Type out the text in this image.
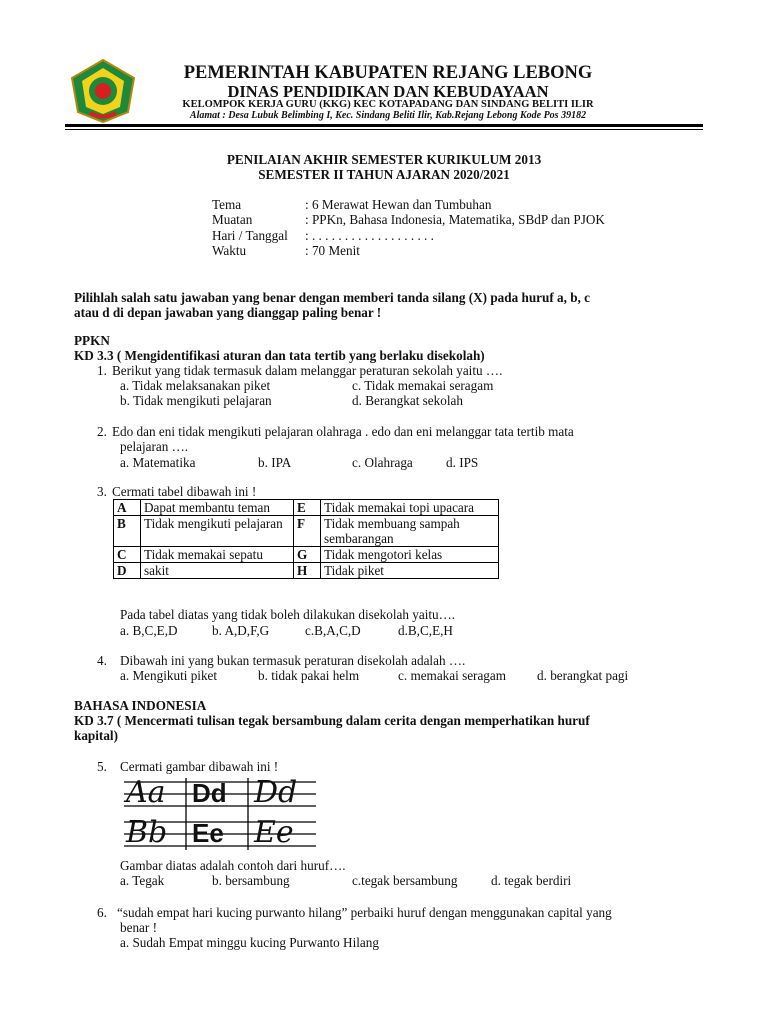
PEMERINTAH KABUPATEN REJANG LEBONG
DINAS PENDIDIKAN DAN KEBUDAYAAN
KELOMPOK KERJA GURU (KKG) KEC KOTAPADANG DAN SINDANG BELITI ILIR
Alamat : Desa Lubuk Belimbing I, Kec. Sindang Beliti Ilir, Kab.Rejang Lebong Kode Pos 39182
PENILAIAN AKHIR SEMESTER KURIKULUM 2013
SEMESTER II TAHUN AJARAN 2020/2021
Tema	: 6 Merawat Hewan dan Tumbuhan
Muatan	: PPKn, Bahasa Indonesia, Matematika, SBdP dan PJOK
Hari / Tanggal : . . . . . . . . . . . . . . . . . . .
Waktu	: 70 Menit
Pilihlah salah satu jawaban yang benar dengan memberi tanda silang (X) pada huruf a, b, c
atau d di depan jawaban yang dianggap paling benar !
PPKN
KD 3.3 ( Mengidentifikasi aturan dan tata tertib yang berlaku disekolah)
1. Berikut yang tidak termasuk dalam melanggar peraturan sekolah yaitu ….
a. Tidak melaksanakan piket	c. Tidak memakai seragam
b. Tidak mengikuti pelajaran	d. Berangkat sekolah
2. Edo dan eni tidak mengikuti pelajaran olahraga . edo dan eni melanggar tata tertib mata
pelajaran ….
a. Matematika	b. IPA	c. Olahraga	d. IPS
3. Cermati tabel dibawah ini !
A	Dapat membantu teman	E	Tidak memakai topi upacara
B	Tidak mengikuti pelajaran	F	Tidak membuang sampah sembarangan
C	Tidak memakai sepatu	G	Tidak mengotori kelas
D	sakit	H	Tidak piket
Pada tabel diatas yang tidak boleh dilakukan disekolah yaitu….
a. B,C,E,D	b. A,D,F,G	c.B,A,C,D	d.B,C,E,H
4. Dibawah ini yang bukan termasuk peraturan disekolah adalah ….
a. Mengikuti piket	b. tidak pakai helm	c. memakai seragam d. berangkat pagi
BAHASA INDONESIA
KD 3.7 ( Mencermati tulisan tegak bersambung dalam cerita dengan memperhatikan huruf
kapital)
5. Cermati gambar dibawah ini !
Aa Dd Dd
Bb Ee Ee
Gambar diatas adalah contoh dari huruf….
a. Tegak	b. bersambung	c.tegak bersambung	d. tegak berdiri
6. “sudah empat hari kucing purwanto hilang” perbaiki huruf dengan menggunakan capital yang
benar !
a. Sudah Empat minggu kucing Purwanto Hilang
